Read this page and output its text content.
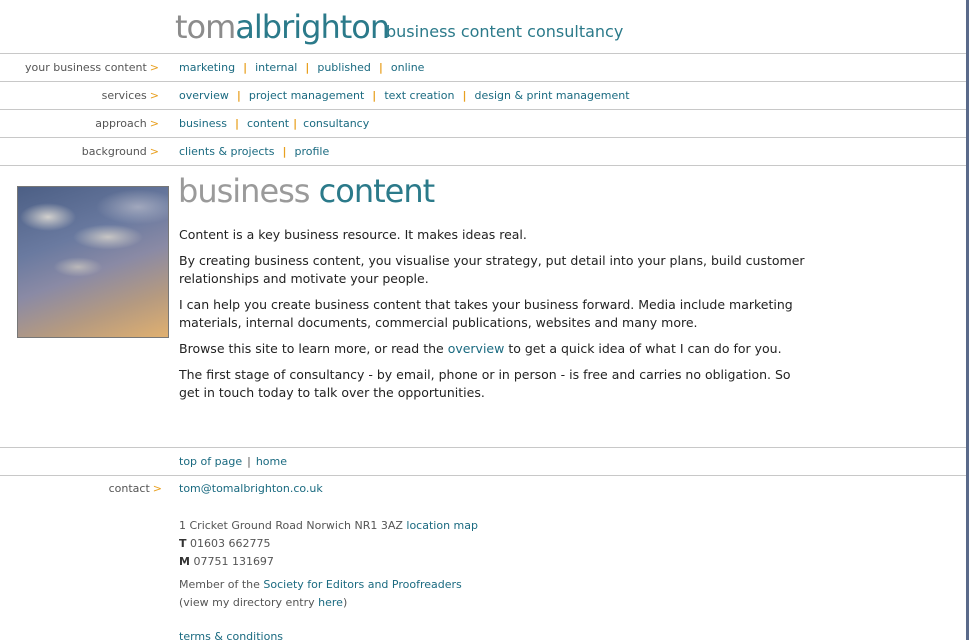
tomalbrighton
business content consultancy
your business content > marketing | internal | published | online
services > overview | project management | text creation | design & print management
approach > business | content | consultancy
background > clients & projects | profile
business content

Content is a key business resource. It makes ideas real.

By creating business content, you visualise your strategy, put detail into your plans, build customer relationships and motivate your people.

I can help you create business content that takes your business forward. Media include marketing materials, internal documents, commercial publications, websites and many more.

Browse this site to learn more, or read the overview to get a quick idea of what I can do for you.

The first stage of consultancy - by email, phone or in person - is free and carries no obligation. So get in touch today to talk over the opportunities.

top of page | home
contact > tom@tomalbrighton.co.uk
1 Cricket Ground Road Norwich NR1 3AZ location map
T 01603 662775
M 07751 131697
Member of the Society for Editors and Proofreaders
(view my directory entry here)
terms & conditions
